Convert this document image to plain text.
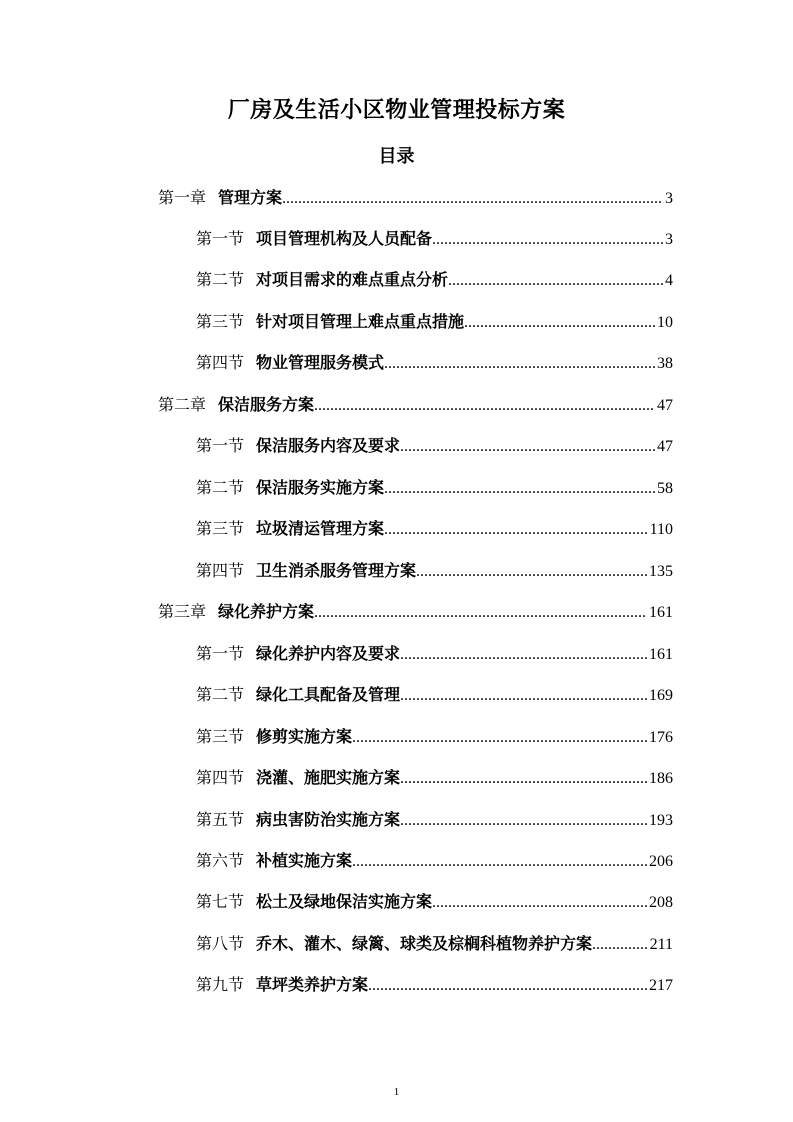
厂房及生活小区物业管理投标方案
目录
第一章 管理方案 .....	3
第一节 项目管理机构及人员配备 .....	3
第二节 对项目需求的难点重点分析 .....	4
第三节 针对项目管理上难点重点措施 .....	10
第四节 物业管理服务模式 .....	38
第二章 保洁服务方案 .....	47
第一节 保洁服务内容及要求 .....	47
第二节 保洁服务实施方案 .....	58
第三节 垃圾清运管理方案 .....	110
第四节 卫生消杀服务管理方案 .....	135
第三章 绿化养护方案 .....	161
第一节 绿化养护内容及要求 .....	161
第二节 绿化工具配备及管理 .....	169
第三节 修剪实施方案 .....	176
第四节 浇灌、施肥实施方案 .....	186
第五节 病虫害防治实施方案 .....	193
第六节 补植实施方案 .....	206
第七节 松土及绿地保洁实施方案 .....	208
第八节 乔木、灌木、绿篱、球类及棕榈科植物养护方案 .....	211
第九节 草坪类养护方案 .....	217
1
